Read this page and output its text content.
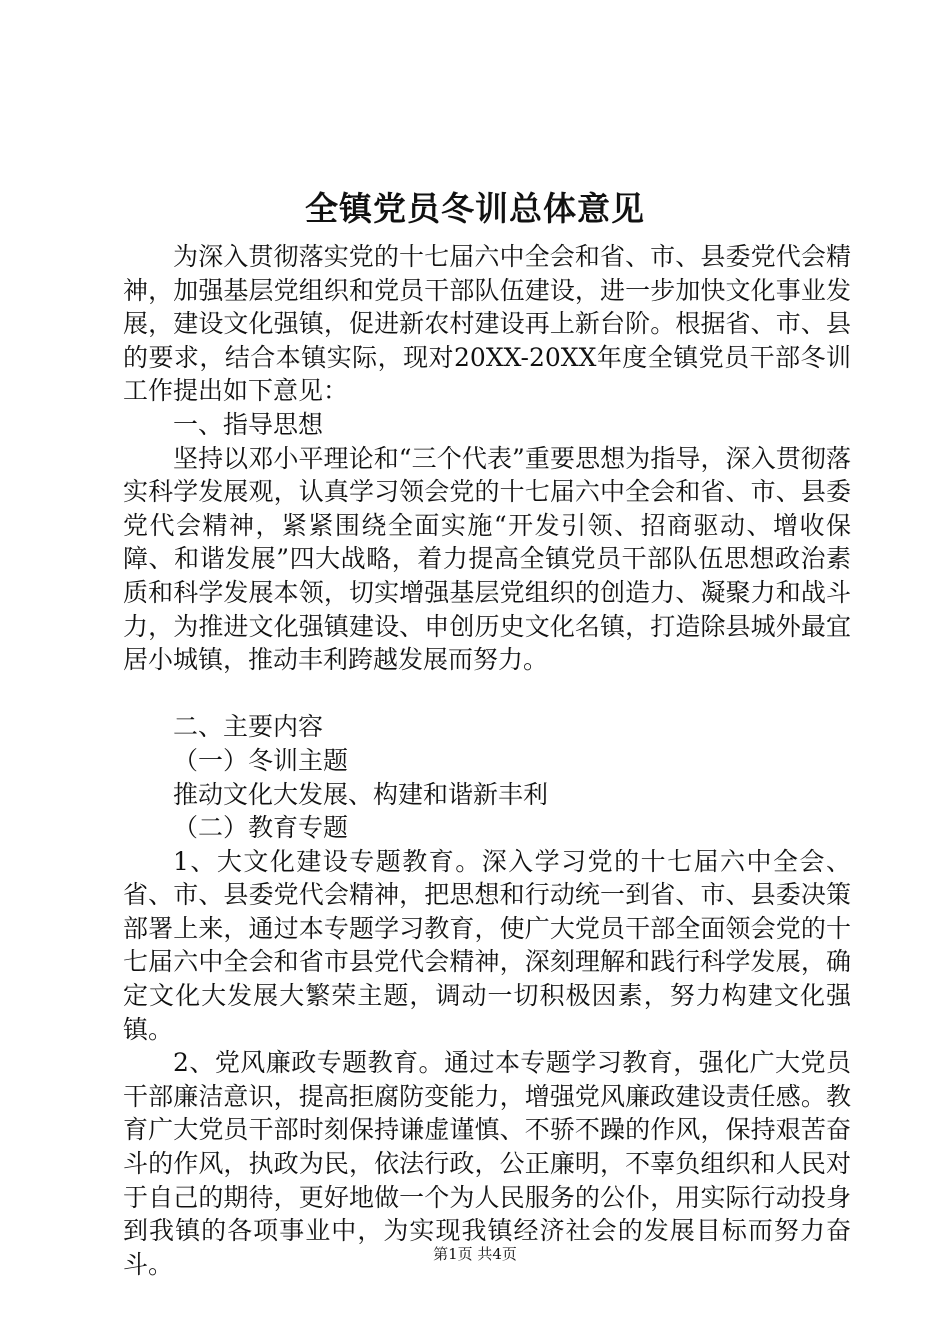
全镇党员冬训总体意见

为深入贯彻落实党的十七届六中全会和省、市、县委党代会精神，加强基层党组织和党员干部队伍建设，进一步加快文化事业发展，建设文化强镇，促进新农村建设再上新台阶。根据省、市、县的要求，结合本镇实际，现对20XX-20XX年度全镇党员干部冬训工作提出如下意见：

一、指导思想

坚持以邓小平理论和“三个代表”重要思想为指导，深入贯彻落实科学发展观，认真学习领会党的十七届六中全会和省、市、县委党代会精神，紧紧围绕全面实施“开发引领、招商驱动、增收保障、和谐发展”四大战略，着力提高全镇党员干部队伍思想政治素质和科学发展本领，切实增强基层党组织的创造力、凝聚力和战斗力，为推进文化强镇建设、申创历史文化名镇，打造除县城外最宜居小城镇，推动丰利跨越发展而努力。

二、主要内容

（一）冬训主题

推动文化大发展、构建和谐新丰利

（二）教育专题

1、大文化建设专题教育。深入学习党的十七届六中全会、省、市、县委党代会精神，把思想和行动统一到省、市、县委决策部署上来，通过本专题学习教育，使广大党员干部全面领会党的十七届六中全会和省市县党代会精神，深刻理解和践行科学发展，确定文化大发展大繁荣主题，调动一切积极因素，努力构建文化强镇。

2、党风廉政专题教育。通过本专题学习教育，强化广大党员干部廉洁意识，提高拒腐防变能力，增强党风廉政建设责任感。教育广大党员干部时刻保持谦虚谨慎、不骄不躁的作风，保持艰苦奋斗的作风，执政为民，依法行政，公正廉明，不辜负组织和人民对于自己的期待，更好地做一个为人民服务的公仆，用实际行动投身到我镇的各项事业中，为实现我镇经济社会的发展目标而努力奋斗。	第1页 共4页
